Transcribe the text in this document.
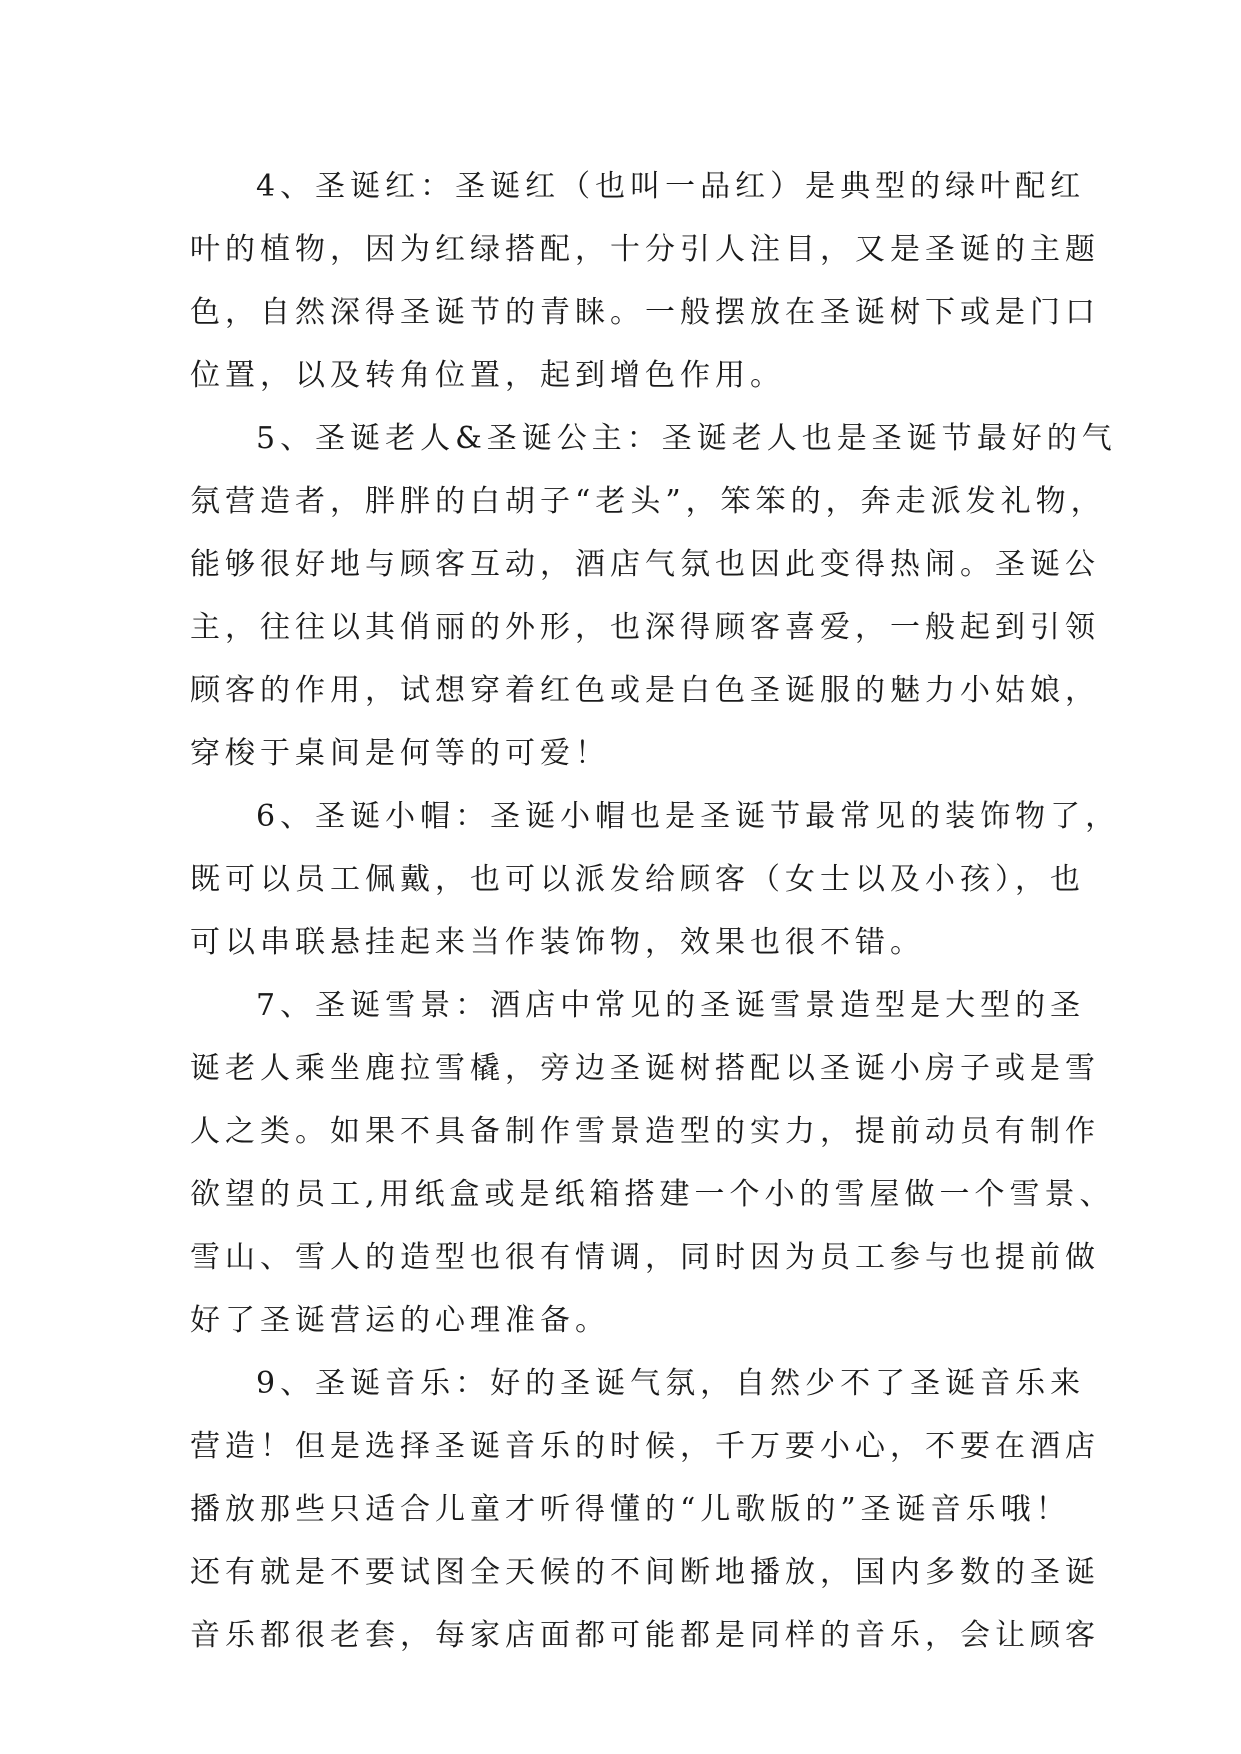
4、圣诞红：圣诞红（也叫一品红）是典型的绿叶配红
叶的植物，因为红绿搭配，十分引人注目，又是圣诞的主题
色，自然深得圣诞节的青睐。一般摆放在圣诞树下或是门口
位置，以及转角位置，起到增色作用。
5、圣诞老人&圣诞公主：圣诞老人也是圣诞节最好的气
氛营造者，胖胖的白胡子“老头”，笨笨的，奔走派发礼物，
能够很好地与顾客互动，酒店气氛也因此变得热闹。圣诞公
主，往往以其俏丽的外形，也深得顾客喜爱，一般起到引领
顾客的作用，试想穿着红色或是白色圣诞服的魅力小姑娘，
穿梭于桌间是何等的可爱！
6、圣诞小帽：圣诞小帽也是圣诞节最常见的装饰物了，
既可以员工佩戴，也可以派发给顾客（女士以及小孩），也
可以串联悬挂起来当作装饰物，效果也很不错。
7、圣诞雪景：酒店中常见的圣诞雪景造型是大型的圣
诞老人乘坐鹿拉雪橇，旁边圣诞树搭配以圣诞小房子或是雪
人之类。如果不具备制作雪景造型的实力，提前动员有制作
欲望的员工,用纸盒或是纸箱搭建一个小的雪屋做一个雪景、
雪山、雪人的造型也很有情调，同时因为员工参与也提前做
好了圣诞营运的心理准备。
9、圣诞音乐：好的圣诞气氛，自然少不了圣诞音乐来
营造！但是选择圣诞音乐的时候，千万要小心，不要在酒店
播放那些只适合儿童才听得懂的“儿歌版的”圣诞音乐哦！
还有就是不要试图全天候的不间断地播放，国内多数的圣诞
音乐都很老套，每家店面都可能都是同样的音乐，会让顾客
